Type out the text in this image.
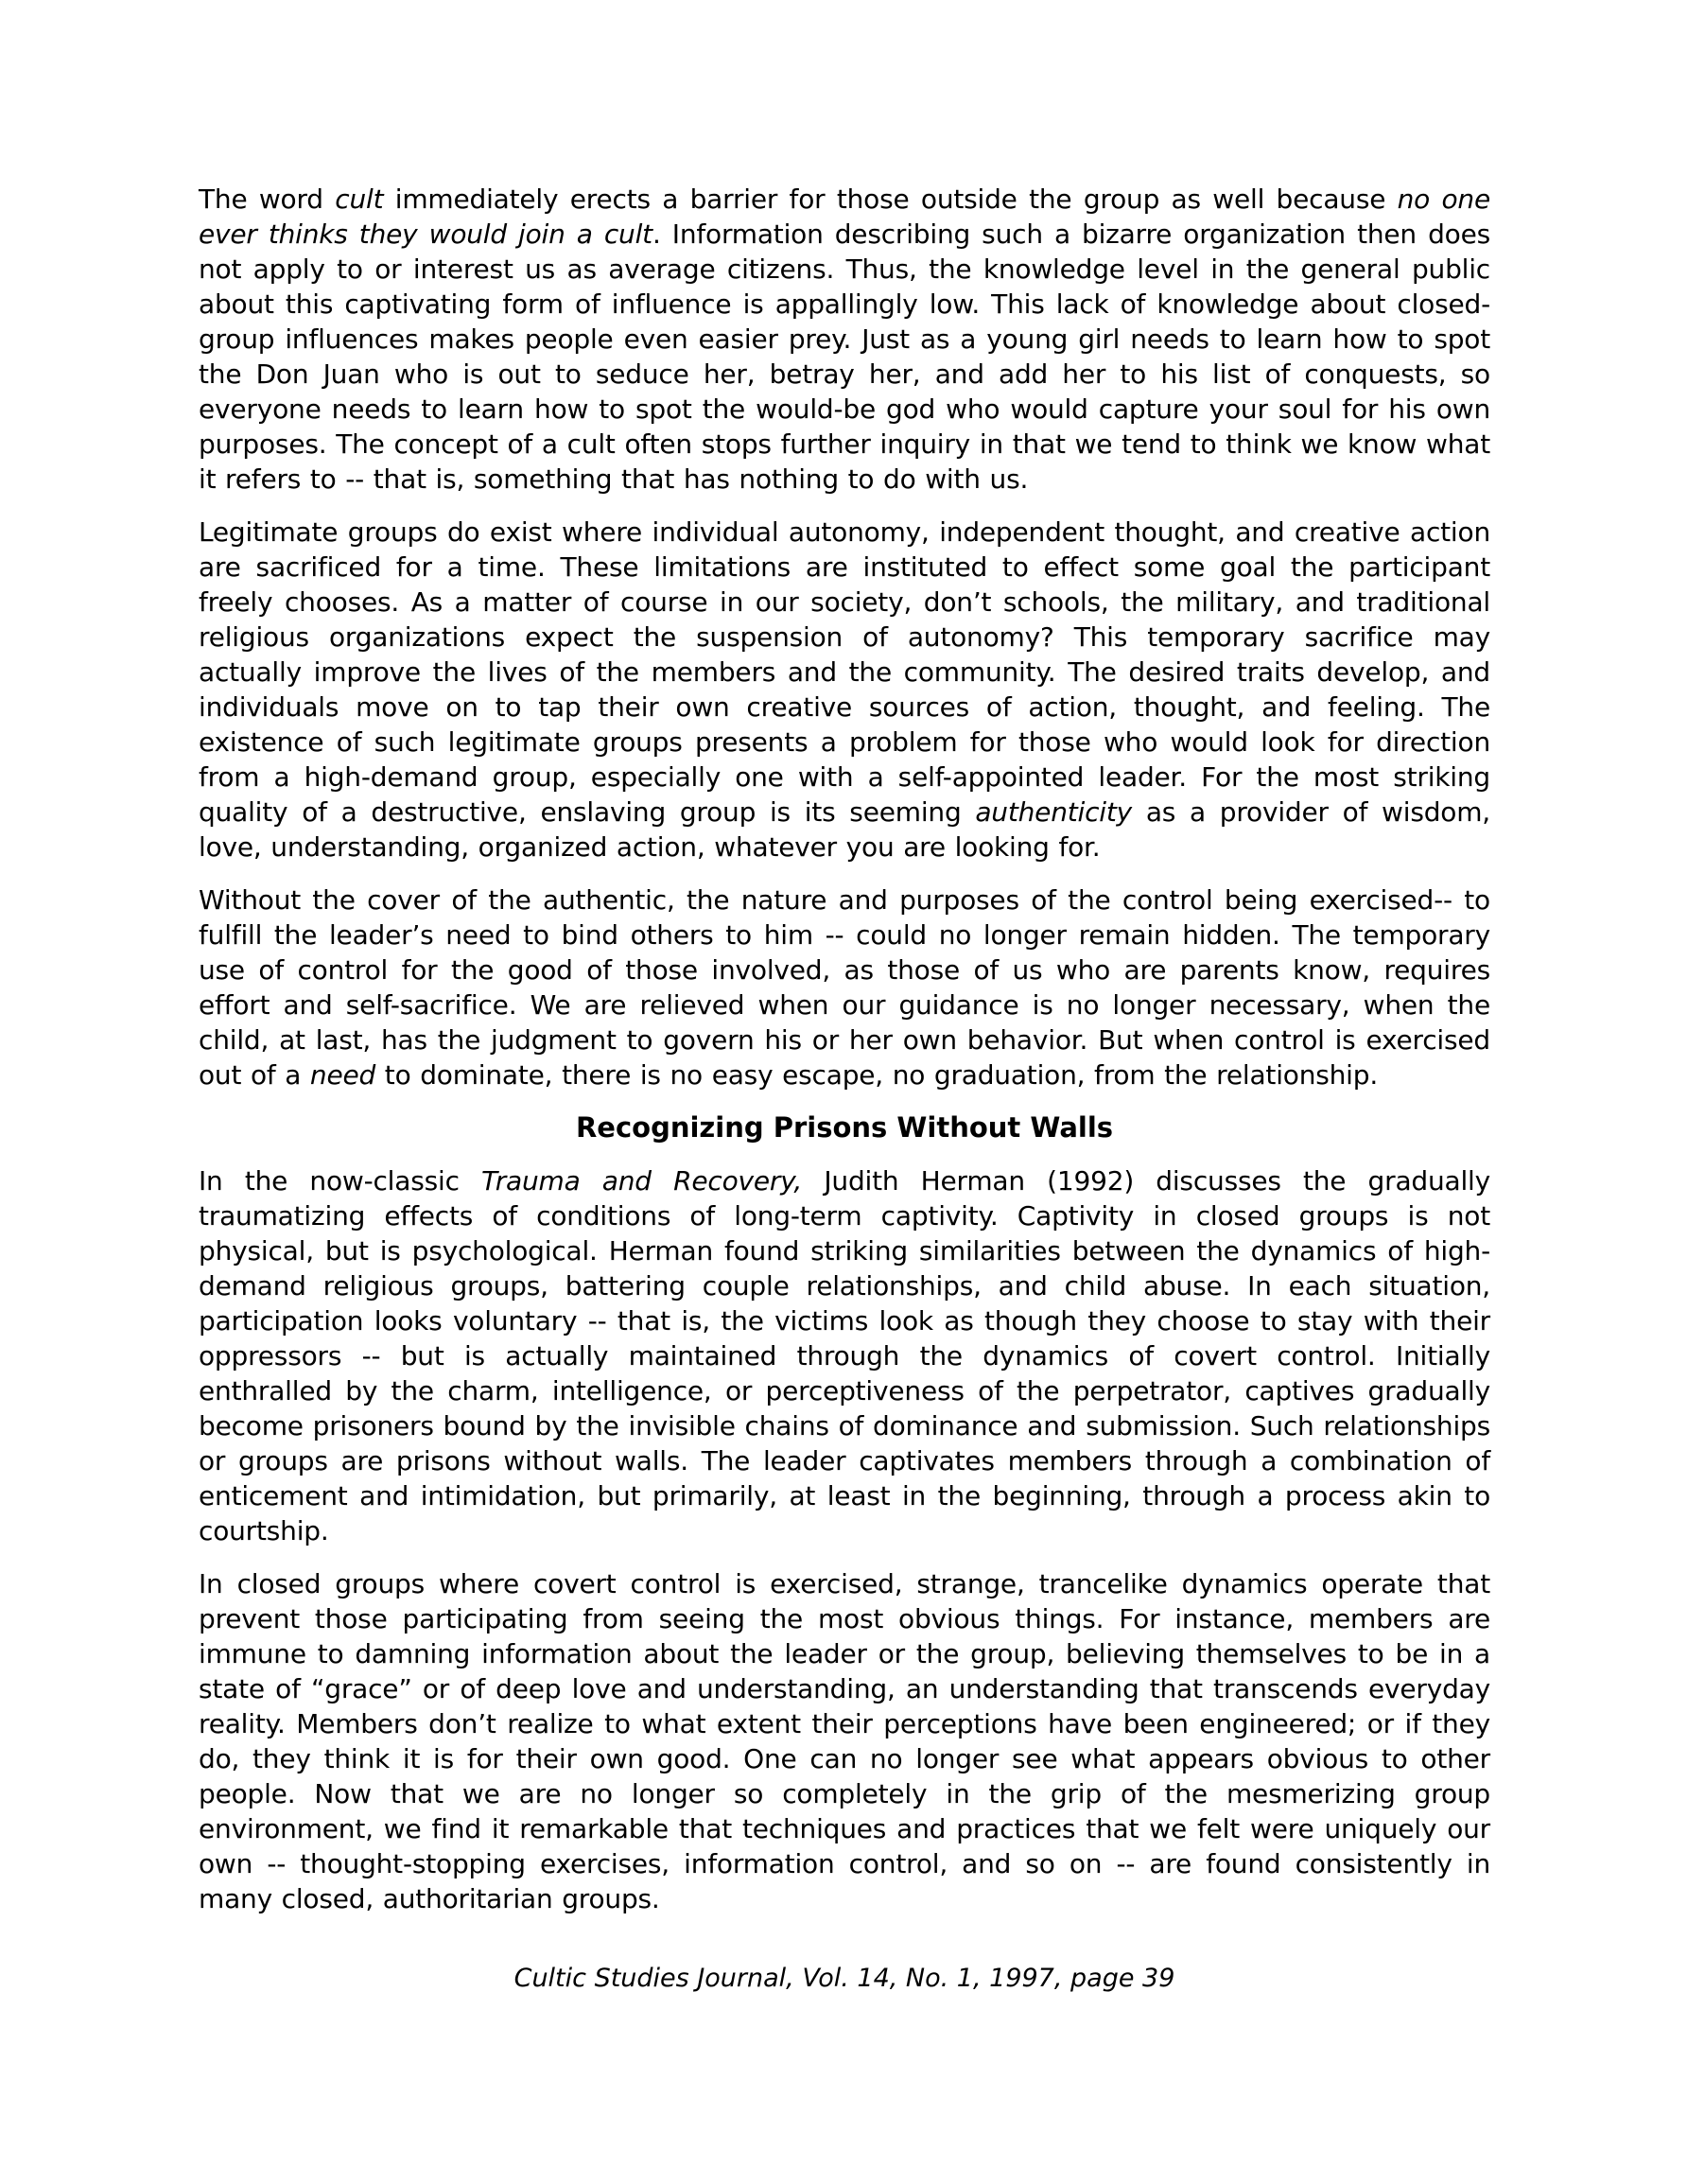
The word cult immediately erects a barrier for those outside the group as well because no one ever thinks they would join a cult. Information describing such a bizarre organization then does not apply to or interest us as average citizens. Thus, the knowledge level in the general public about this captivating form of influence is appallingly low. This lack of knowledge about closed-group influences makes people even easier prey. Just as a young girl needs to learn how to spot the Don Juan who is out to seduce her, betray her, and add her to his list of conquests, so everyone needs to learn how to spot the would-be god who would capture your soul for his own purposes. The concept of a cult often stops further inquiry in that we tend to think we know what it refers to -- that is, something that has nothing to do with us.

Legitimate groups do exist where individual autonomy, independent thought, and creative action are sacrificed for a time. These limitations are instituted to effect some goal the participant freely chooses. As a matter of course in our society, don’t schools, the military, and traditional religious organizations expect the suspension of autonomy? This temporary sacrifice may actually improve the lives of the members and the community. The desired traits develop, and individuals move on to tap their own creative sources of action, thought, and feeling. The existence of such legitimate groups presents a problem for those who would look for direction from a high-demand group, especially one with a self-appointed leader. For the most striking quality of a destructive, enslaving group is its seeming authenticity as a provider of wisdom, love, understanding, organized action, whatever you are looking for.

Without the cover of the authentic, the nature and purposes of the control being exercised-- to fulfill the leader’s need to bind others to him -- could no longer remain hidden. The temporary use of control for the good of those involved, as those of us who are parents know, requires effort and self-sacrifice. We are relieved when our guidance is no longer necessary, when the child, at last, has the judgment to govern his or her own behavior. But when control is exercised out of a need to dominate, there is no easy escape, no graduation, from the relationship.

Recognizing Prisons Without Walls

In the now-classic Trauma and Recovery, Judith Herman (1992) discusses the gradually traumatizing effects of conditions of long-term captivity. Captivity in closed groups is not physical, but is psychological. Herman found striking similarities between the dynamics of high-demand religious groups, battering couple relationships, and child abuse. In each situation, participation looks voluntary -- that is, the victims look as though they choose to stay with their oppressors -- but is actually maintained through the dynamics of covert control. Initially enthralled by the charm, intelligence, or perceptiveness of the perpetrator, captives gradually become prisoners bound by the invisible chains of dominance and submission. Such relationships or groups are prisons without walls. The leader captivates members through a combination of enticement and intimidation, but primarily, at least in the beginning, through a process akin to courtship.

In closed groups where covert control is exercised, strange, trancelike dynamics operate that prevent those participating from seeing the most obvious things. For instance, members are immune to damning information about the leader or the group, believing themselves to be in a state of “grace” or of deep love and understanding, an understanding that transcends everyday reality. Members don’t realize to what extent their perceptions have been engineered; or if they do, they think it is for their own good. One can no longer see what appears obvious to other people. Now that we are no longer so completely in the grip of the mesmerizing group environment, we find it remarkable that techniques and practices that we felt were uniquely our own -- thought-stopping exercises, information control, and so on -- are found consistently in many closed, authoritarian groups.

Cultic Studies Journal, Vol. 14, No. 1, 1997, page 39
